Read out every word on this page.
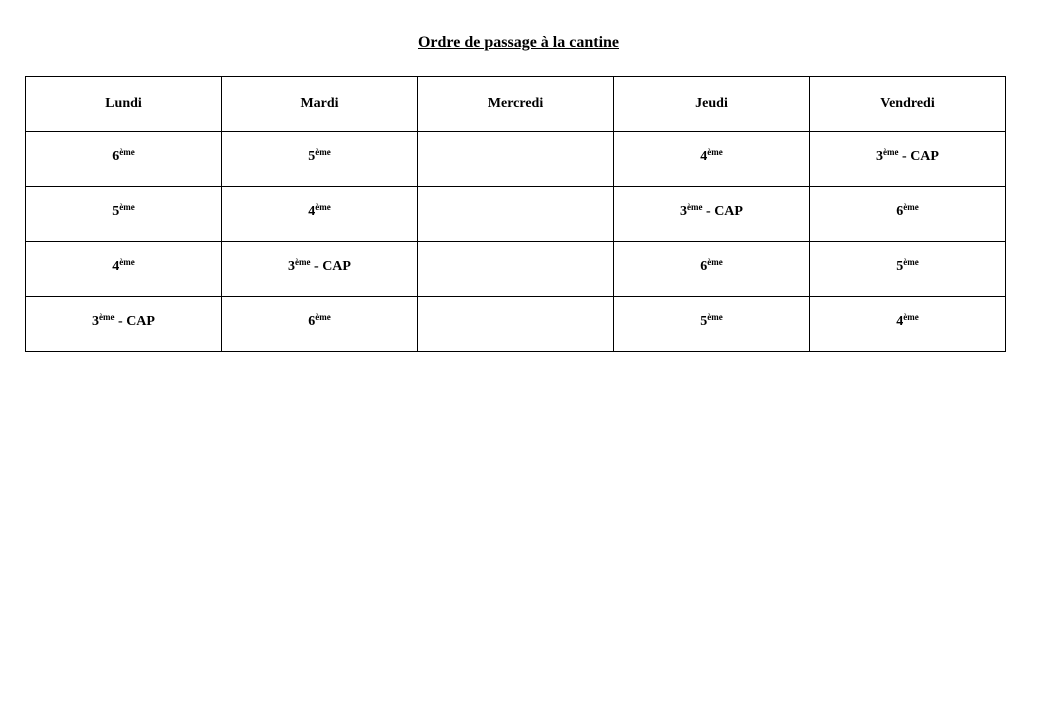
Ordre de passage à la cantine
Lundi	Mardi	Mercredi	Jeudi	Vendredi
6ème	5ème		4ème	3ème - CAP
5ème	4ème		3ème - CAP	6ème
4ème	3ème - CAP		6ème	5ème
3ème - CAP	6ème		5ème	4ème
